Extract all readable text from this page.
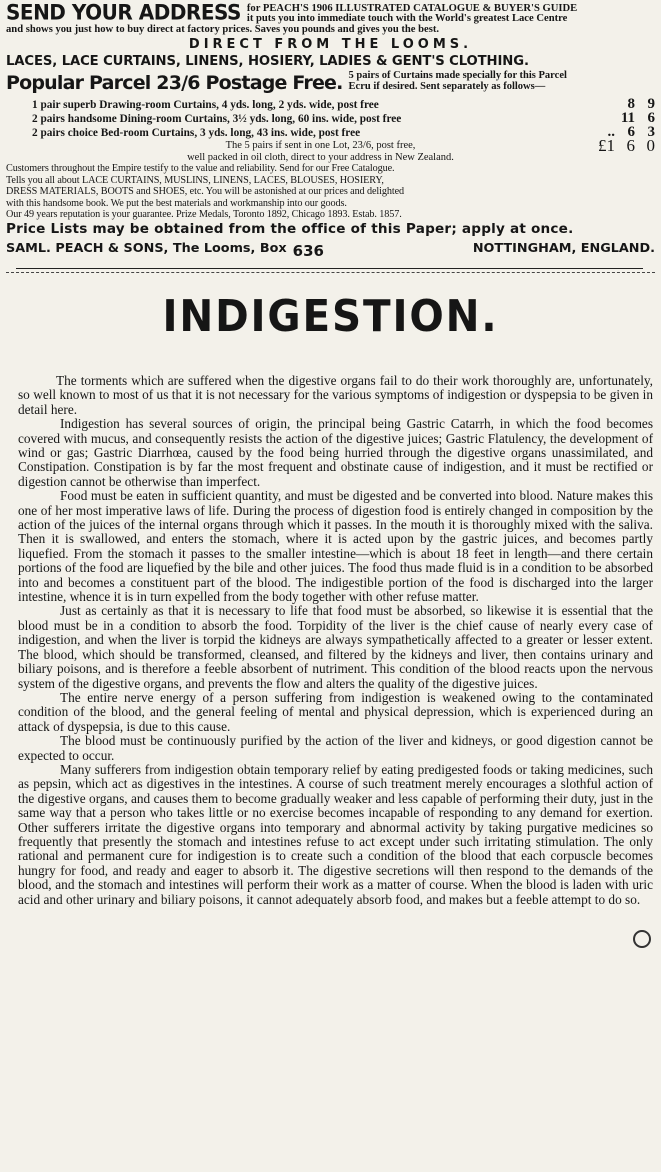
SEND YOUR ADDRESS for PEACH'S 1906 ILLUSTRATED CATALOGUE & BUYER'S GUIDE
it puts you into immediate touch with the World's greatest Lace Centre
and shows you just how to buy direct at factory prices. Saves you pounds and gives you the best.
DIRECT FROM THE LOOMS.
LACES, LACE CURTAINS, LINENS, HOSIERY, LADIES & GENT'S CLOTHING.
Popular Parcel 23/6 Postage Free. 5 pairs of Curtains made specially for this Parcel
Ecru if desired. Sent separately as follows—
1 pair superb Drawing-room Curtains, 4 yds. long, 2 yds. wide, post free	8 9
2 pairs handsome Dining-room Curtains, 3½ yds. long, 60 ins. wide, post free	11 6
2 pairs choice Bed-room Curtains, 3 yds. long, 43 ins. wide, post free	.. 6 3
The 5 pairs if sent in one Lot, 23/6, post free,
well packed in oil cloth, direct to your address in New Zealand.
£1 6 0
Customers throughout the Empire testify to the value and reliability. Send for our Free Catalogue.
Tells you all about LACE CURTAINS, MUSLINS, LINENS, LACES, BLOUSES, HOSIERY,
DRESS MATERIALS, BOOTS and SHOES, etc. You will be astonished at our prices and delighted
with this handsome book. We put the best materials and workmanship into our goods.
Our 49 years reputation is your guarantee. Prize Medals, Toronto 1892, Chicago 1893. Estab. 1857.
Price Lists may be obtained from the office of this Paper; apply at once.
SAML. PEACH & SONS, The Looms, Box 636	NOTTINGHAM, ENGLAND.
INDIGESTION.

The torments which are suffered when the digestive organs fail to do their work thoroughly are, unfortunately, so well known to most of us that it is not necessary for the various symptoms of indigestion or dyspepsia to be given in detail here.

Indigestion has several sources of origin, the principal being Gastric Catarrh, in which the food becomes covered with mucus, and consequently resists the action of the digestive juices; Gastric Flatulency, the development of wind or gas; Gastric Diarrhœa, caused by the food being hurried through the digestive organs unassimilated, and Constipation. Constipation is by far the most frequent and obstinate cause of indigestion, and it must be rectified or digestion cannot be otherwise than imperfect.

Food must be eaten in sufficient quantity, and must be digested and be converted into blood. Nature makes this one of her most imperative laws of life. During the process of digestion food is entirely changed in composition by the action of the juices of the internal organs through which it passes. In the mouth it is thoroughly mixed with the saliva. Then it is swallowed, and enters the stomach, where it is acted upon by the gastric juices, and becomes partly liquefied. From the stomach it passes to the smaller intestine—which is about 18 feet in length—and there certain portions of the food are liquefied by the bile and other juices. The food thus made fluid is in a condition to be absorbed into and becomes a constituent part of the blood. The indigestible portion of the food is discharged into the larger intestine, whence it is in turn expelled from the body together with other refuse matter.

Just as certainly as that it is necessary to life that food must be absorbed, so likewise it is essential that the blood must be in a condition to absorb the food. Torpidity of the liver is the chief cause of nearly every case of indigestion, and when the liver is torpid the kidneys are always sympathetically affected to a greater or lesser extent. The blood, which should be transformed, cleansed, and filtered by the kidneys and liver, then contains urinary and biliary poisons, and is therefore a feeble absorbent of nutriment. This condition of the blood reacts upon the nervous system of the digestive organs, and prevents the flow and alters the quality of the digestive juices.

The entire nerve energy of a person suffering from indigestion is weakened owing to the contaminated condition of the blood, and the general feeling of mental and physical depression, which is experienced during an attack of dyspepsia, is due to this cause.

The blood must be continuously purified by the action of the liver and kidneys, or good digestion cannot be expected to occur.

Many sufferers from indigestion obtain temporary relief by eating predigested foods or taking medicines, such as pepsin, which act as digestives in the intestines. A course of such treatment merely encourages a slothful action of the digestive organs, and causes them to become gradually weaker and less capable of performing their duty, just in the same way that a person who takes little or no exercise becomes incapable of responding to any demand for exertion. Other sufferers irritate the digestive organs into temporary and abnormal activity by taking purgative medicines so frequently that presently the stomach and intestines refuse to act except under such irritating stimulation. The only rational and permanent cure for indigestion is to create such a condition of the blood that each corpuscle becomes hungry for food, and ready and eager to absorb it. The digestive secretions will then respond to the demands of the blood, and the stomach and intestines will perform their work as a matter of course. When the blood is laden with uric acid and other urinary and biliary poisons, it cannot adequately absorb food, and makes but a feeble attempt to do so.
